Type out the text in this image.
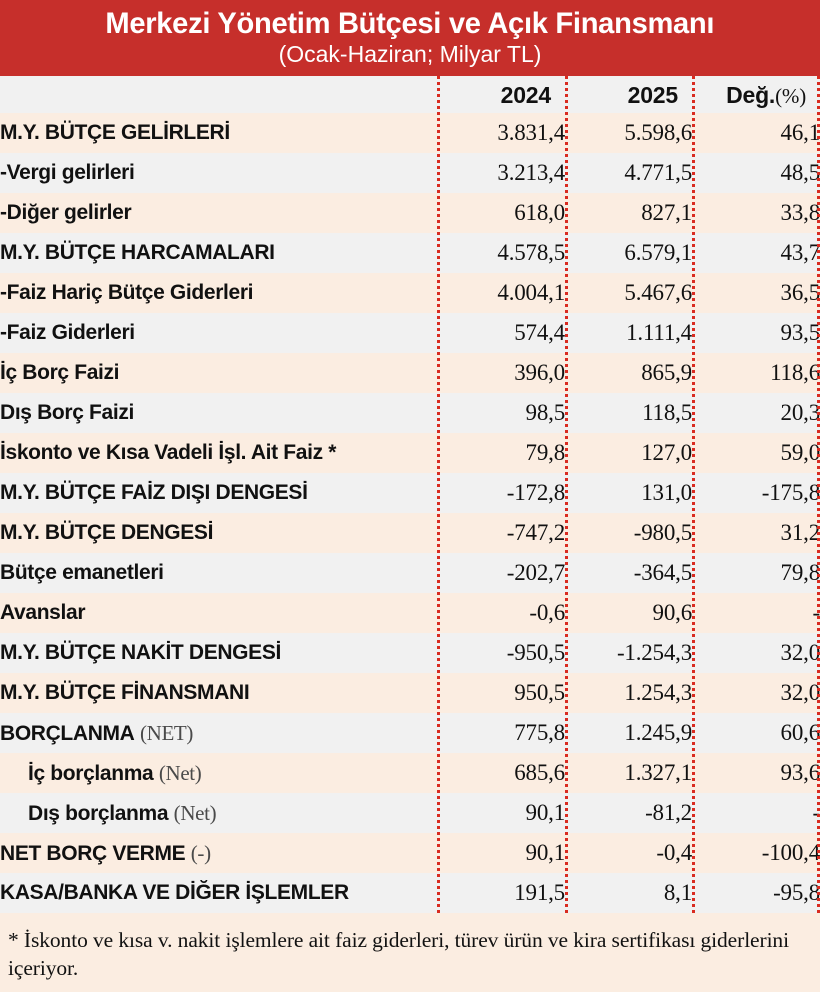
Merkezi Yönetim Bütçesi ve Açık Finansmanı
(Ocak-Haziran; Milyar TL)
	2024	2025	Değ.(%)
M.Y. BÜTÇE GELİRLERİ	3.831,4	5.598,6	46,1
-Vergi gelirleri	3.213,4	4.771,5	48,5
-Diğer gelirler	618,0	827,1	33,8
M.Y. BÜTÇE HARCAMALARI	4.578,5	6.579,1	43,7
-Faiz Hariç Bütçe Giderleri	4.004,1	5.467,6	36,5
-Faiz Giderleri	574,4	1.111,4	93,5
İç Borç Faizi	396,0	865,9	118,6
Dış Borç Faizi	98,5	118,5	20,3
İskonto ve Kısa Vadeli İşl. Ait Faiz *	79,8	127,0	59,0
M.Y. BÜTÇE FAİZ DIŞI DENGESİ	-172,8	131,0	-175,8
M.Y. BÜTÇE DENGESİ	-747,2	-980,5	31,2
Bütçe emanetleri	-202,7	-364,5	79,8
Avanslar	-0,6	90,6	-
M.Y. BÜTÇE NAKİT DENGESİ	-950,5	-1.254,3	32,0
M.Y. BÜTÇE FİNANSMANI	950,5	1.254,3	32,0
BORÇLANMA (NET)	775,8	1.245,9	60,6
İç borçlanma (Net)	685,6	1.327,1	93,6
Dış borçlanma (Net)	90,1	-81,2	-
NET BORÇ VERME (-)	90,1	-0,4	-100,4
KASA/BANKA VE DİĞER İŞLEMLER	191,5	8,1	-95,8
* İskonto ve kısa v. nakit işlemlere ait faiz giderleri, türev ürün ve kira sertifikası giderlerini içeriyor.
